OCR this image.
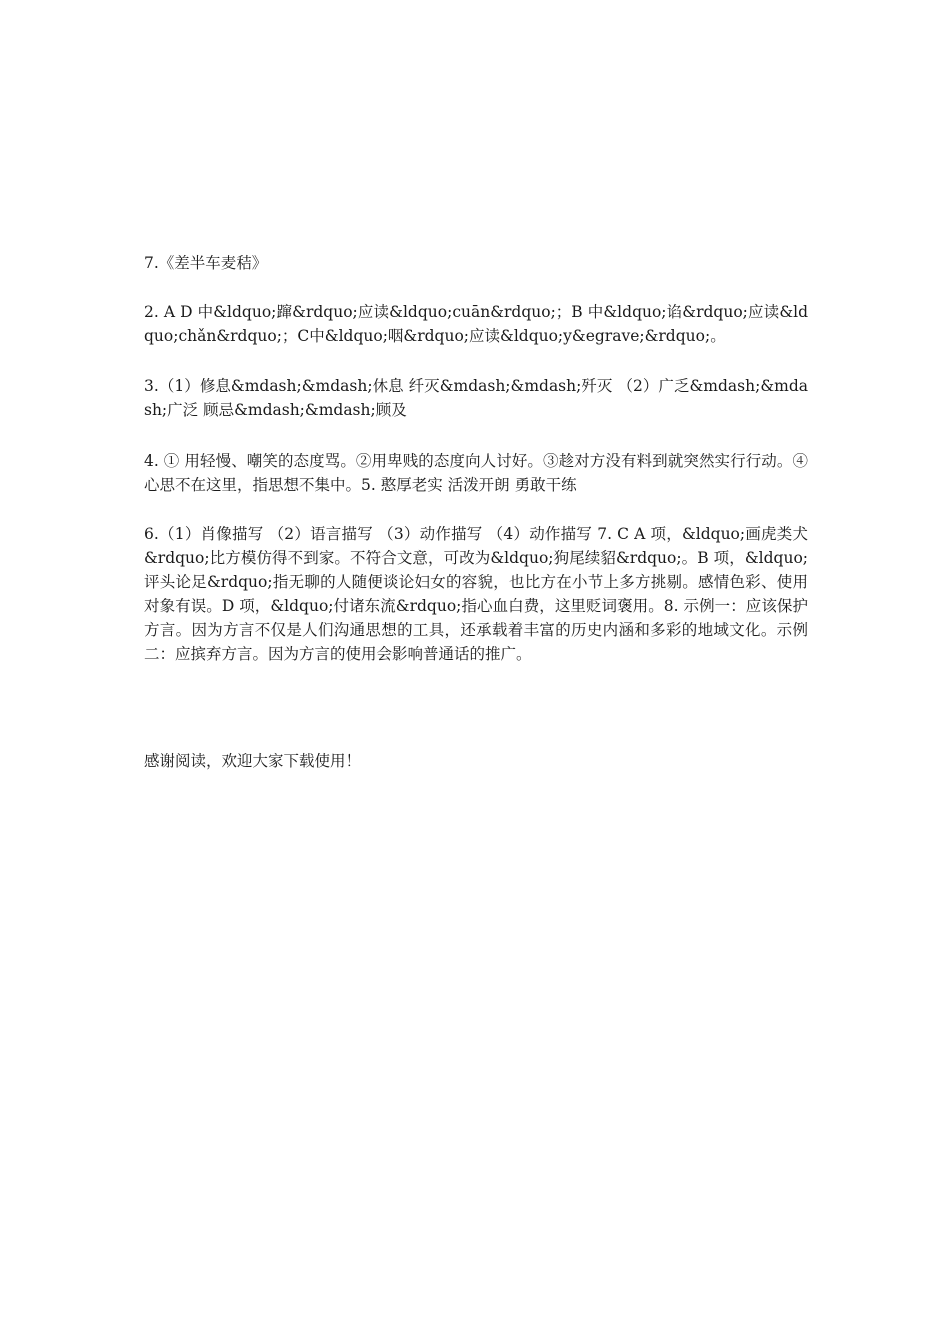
7.《差半车麦秸》

2. A D 中&ldquo;蹿&rdquo;应读&ldquo;cuān&rdquo;；B 中&ldquo;谄&rdquo;应读&ldquo;chǎn&rdquo;；C中&ldquo;咽&rdquo;应读&ldquo;y&egrave;&rdquo;。

3.（1）修息&mdash;&mdash;休息 纤灭&mdash;&mdash;歼灭 （2）广乏&mdash;&mdash;广泛 顾忌&mdash;&mdash;顾及

4. ① 用轻慢、嘲笑的态度骂。②用卑贱的态度向人讨好。③趁对方没有料到就突然实行行动。④心思不在这里，指思想不集中。5. 憨厚老实 活泼开朗 勇敢干练

6.（1）肖像描写 （2）语言描写 （3）动作描写 （4）动作描写 7. C A 项，&ldquo;画虎类犬&rdquo;比方模仿得不到家。不符合文意，可改为&ldquo;狗尾续貂&rdquo;。B 项，&ldquo;评头论足&rdquo;指无聊的人随便谈论妇女的容貌，也比方在小节上多方挑剔。感情色彩、使用对象有误。D 项，&ldquo;付诸东流&rdquo;指心血白费，这里贬词褒用。8. 示例一：应该保护方言。因为方言不仅是人们沟通思想的工具，还承载着丰富的历史内涵和多彩的地域文化。示例二：应摈弃方言。因为方言的使用会影响普通话的推广。

感谢阅读，欢迎大家下载使用！
